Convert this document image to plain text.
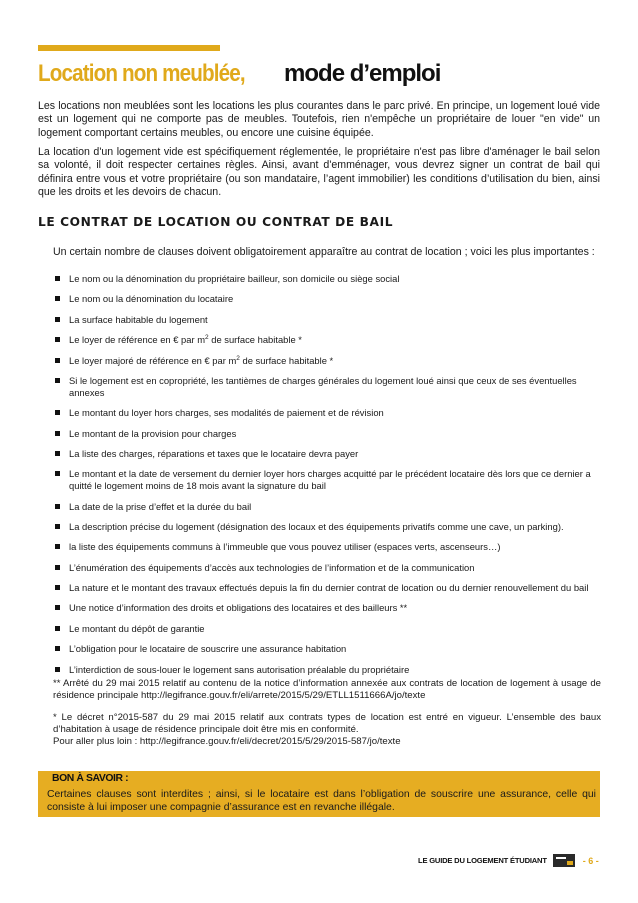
Location non meublée, mode d’emploi

Les locations non meublées sont les locations les plus courantes dans le parc privé. En principe, un logement loué vide est un logement qui ne comporte pas de meubles. Toutefois, rien n'empêche un propriétaire de louer "en vide" un logement comportant certains meubles, ou encore une cuisine équipée.

La location d'un logement vide est spécifiquement réglementée, le propriétaire n'est pas libre d'aménager le bail selon sa volonté, il doit respecter certaines règles. Ainsi, avant d'emménager, vous devrez signer un contrat de bail qui définira entre vous et votre propriétaire (ou son mandataire, l’agent immobilier) les conditions d’utilisation du bien, ainsi que les droits et les devoirs de chacun.

LE CONTRAT DE LOCATION OU CONTRAT DE BAIL

Un certain nombre de clauses doivent obligatoirement apparaître au contrat de location ; voici les plus importantes :

Le nom ou la dénomination du propriétaire bailleur, son domicile ou siège social
Le nom ou la dénomination du locataire
La surface habitable du logement
Le loyer de référence en € par $m^2$ de surface habitable *
Le loyer majoré de référence en € par $m^2$ de surface habitable *
Si le logement est en copropriété, les tantièmes de charges générales du logement loué ainsi que ceux de ses éventuelles annexes
Le montant du loyer hors charges, ses modalités de paiement et de révision
Le montant de la provision pour charges
La liste des charges, réparations et taxes que le locataire devra payer
Le montant et la date de versement du dernier loyer hors charges acquitté par le précédent locataire dès lors que ce dernier a quitté le logement moins de 18 mois avant la signature du bail
La date de la prise d’effet et la durée du bail
La description précise du logement (désignation des locaux et des équipements privatifs comme une cave, un parking).
la liste des équipements communs à l’immeuble que vous pouvez utiliser (espaces verts, ascenseurs…)
L’énumération des équipements d’accès aux technologies de l’information et de la communication
La nature et le montant des travaux effectués depuis la fin du dernier contrat de location ou du dernier renouvellement du bail
Une notice d’information des droits et obligations des locataires et des bailleurs **
Le montant du dépôt de garantie
L’obligation pour le locataire de souscrire une assurance habitation
L’interdiction de sous-louer le logement sans autorisation préalable du propriétaire

** Arrêté du 29 mai 2015 relatif au contenu de la notice d’information annexée aux contrats de location de logement à usage de résidence principale http://legifrance.gouv.fr/eli/arrete/2015/5/29/ETLL1511666A/jo/texte

* Le décret n°2015-587 du 29 mai 2015 relatif aux contrats types de location est entré en vigueur. L’ensemble des baux d’habitation à usage de résidence principale doit être mis en conformité.
Pour aller plus loin : http://legifrance.gouv.fr/eli/decret/2015/5/29/2015-587/jo/texte
BON À SAVOIR :

Certaines clauses sont interdites ; ainsi, si le locataire est dans l’obligation de souscrire une assurance, celle qui consiste à lui imposer une compagnie d’assurance est en revanche illégale.

LE GUIDE DU LOGEMENT ÉTUDIANT	- 6 -
